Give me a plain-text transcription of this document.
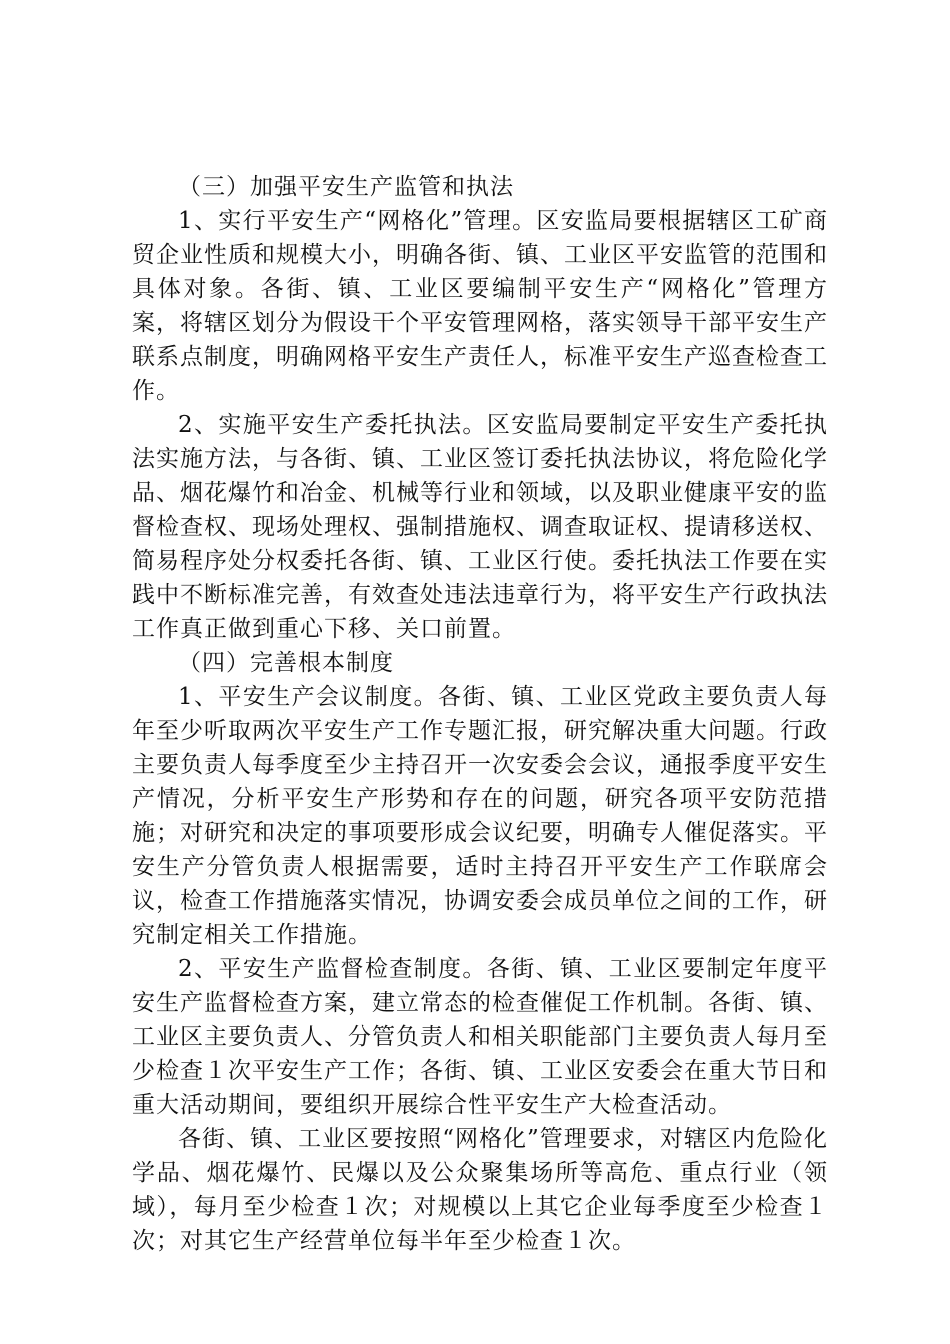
（三）加强平安生产监管和执法

1、实行平安生产“网格化”管理。区安监局要根据辖区工矿商贸企业性质和规模大小，明确各街、镇、工业区平安监管的范围和具体对象。各街、镇、工业区要编制平安生产“网格化”管理方案，将辖区划分为假设干个平安管理网格，落实领导干部平安生产联系点制度，明确网格平安生产责任人，标准平安生产巡查检查工作。

2、实施平安生产委托执法。区安监局要制定平安生产委托执法实施方法，与各街、镇、工业区签订委托执法协议，将危险化学品、烟花爆竹和冶金、机械等行业和领域，以及职业健康平安的监督检查权、现场处理权、强制措施权、调查取证权、提请移送权、简易程序处分权委托各街、镇、工业区行使。委托执法工作要在实践中不断标准完善，有效查处违法违章行为，将平安生产行政执法工作真正做到重心下移、关口前置。

（四）完善根本制度

1、平安生产会议制度。各街、镇、工业区党政主要负责人每年至少听取两次平安生产工作专题汇报，研究解决重大问题。行政主要负责人每季度至少主持召开一次安委会会议，通报季度平安生产情况，分析平安生产形势和存在的问题，研究各项平安防范措施；对研究和决定的事项要形成会议纪要，明确专人催促落实。平安生产分管负责人根据需要，适时主持召开平安生产工作联席会议，检查工作措施落实情况，协调安委会成员单位之间的工作，研究制定相关工作措施。

2、平安生产监督检查制度。各街、镇、工业区要制定年度平安生产监督检查方案，建立常态的检查催促工作机制。各街、镇、工业区主要负责人、分管负责人和相关职能部门主要负责人每月至少检查１次平安生产工作；各街、镇、工业区安委会在重大节日和重大活动期间，要组织开展综合性平安生产大检查活动。

各街、镇、工业区要按照“网格化”管理要求，对辖区内危险化学品、烟花爆竹、民爆以及公众聚集场所等高危、重点行业（领域），每月至少检查１次；对规模以上其它企业每季度至少检查１次；对其它生产经营单位每半年至少检查１次。
